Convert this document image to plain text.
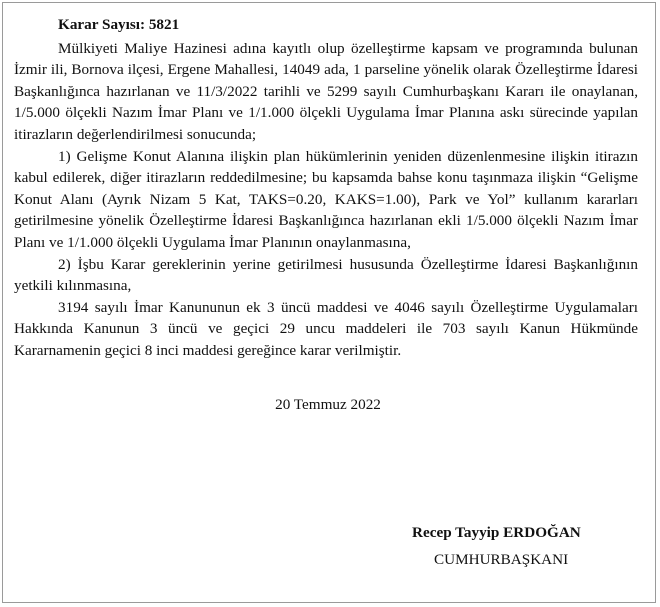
Karar Sayısı: 5821

Mülkiyeti Maliye Hazinesi adına kayıtlı olup özelleştirme kapsam ve programında bulunan İzmir ili, Bornova ilçesi, Ergene Mahallesi, 14049 ada, 1 parseline yönelik olarak Özelleştirme İdaresi Başkanlığınca hazırlanan ve 11/3/2022 tarihli ve 5299 sayılı Cumhurbaşkanı Kararı ile onaylanan, 1/5.000 ölçekli Nazım İmar Planı ve 1/1.000 ölçekli Uygulama İmar Planına askı sürecinde yapılan itirazların değerlendirilmesi sonucunda;

1) Gelişme Konut Alanına ilişkin plan hükümlerinin yeniden düzenlenmesine ilişkin itirazın kabul edilerek, diğer itirazların reddedilmesine; bu kapsamda bahse konu taşınmaza ilişkin “Gelişme Konut Alanı (Ayrık Nizam 5 Kat, TAKS=0.20, KAKS=1.00), Park ve Yol” kullanım kararları getirilmesine yönelik Özelleştirme İdaresi Başkanlığınca hazırlanan ekli 1/5.000 ölçekli Nazım İmar Planı ve 1/1.000 ölçekli Uygulama İmar Planının onaylanmasına,

2) İşbu Karar gereklerinin yerine getirilmesi hususunda Özelleştirme İdaresi Başkanlığının yetkili kılınmasına,

3194 sayılı İmar Kanununun ek 3 üncü maddesi ve 4046 sayılı Özelleştirme Uygulamaları Hakkında Kanunun 3 üncü ve geçici 29 uncu maddeleri ile 703 sayılı Kanun Hükmünde Kararnamenin geçici 8 inci maddesi gereğince karar verilmiştir.

20 Temmuz 2022
Recep Tayyip ERDOĞAN
CUMHURBAŞKANI
